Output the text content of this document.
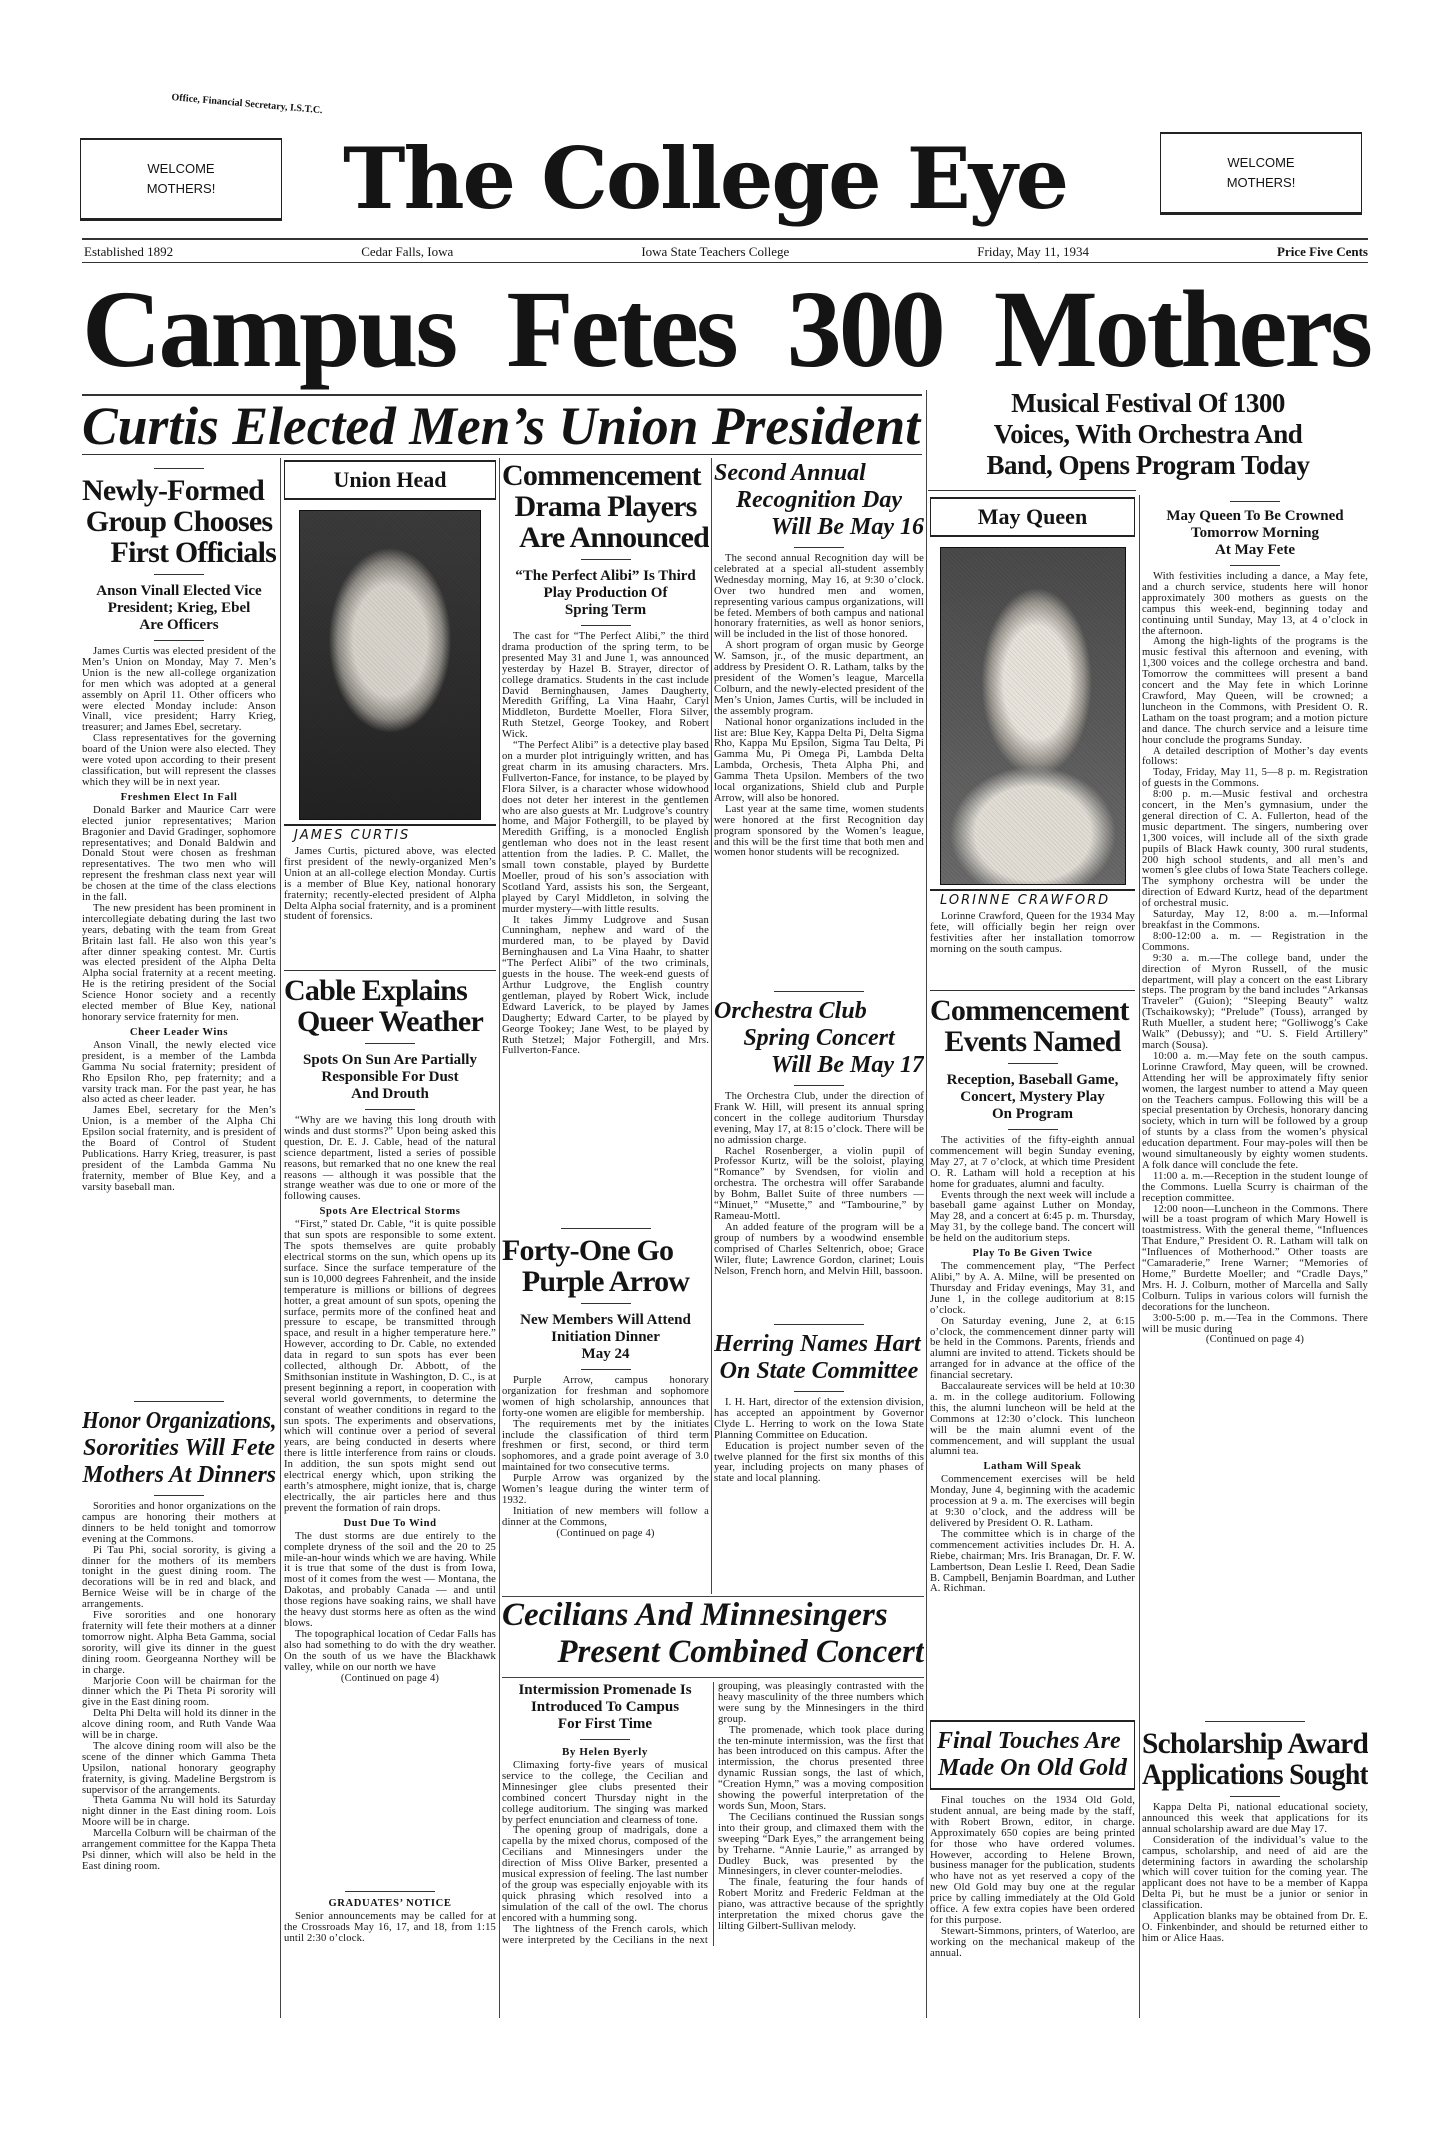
Office, Financial Secretary, I.S.T.C.
WELCOME
MOTHERS!
WELCOME
MOTHERS!
The College Eye
Established 1892	Cedar Falls, Iowa	Iowa State Teachers College	Friday, May 11, 1934	Price Five Cents
Campus Fetes 300 Mothers
Curtis Elected Men’s Union President
Newly-Formed
Group Chooses
First Officials
Anson Vinall Elected Vice
President; Krieg, Ebel
Are Officers

James Curtis was elected president of the Men’s Union on Monday, May 7. Men’s Union is the new all-college organization for men which was adopted at a general assembly on April 11. Other officers who were elected Monday include: Anson Vinall, vice president; Harry Krieg, treasurer; and James Ebel, secretary.

Class representatives for the governing board of the Union were also elected. They were voted upon according to their present classification, but will represent the classes which they will be in next year.

Freshmen Elect In Fall

Donald Barker and Maurice Carr were elected junior representatives; Marion Bragonier and David Gradinger, sophomore representatives; and Donald Baldwin and Donald Stout were chosen as freshman representatives. The two men who will represent the freshman class next year will be chosen at the time of the class elections in the fall.

The new president has been prominent in intercollegiate debating during the last two years, debating with the team from Great Britain last fall. He also won this year’s after dinner speaking contest. Mr. Curtis was elected president of the Alpha Delta Alpha social fraternity at a recent meeting. He is the retiring president of the Social Science Honor society and a recently elected member of Blue Key, national honorary service fraternity for men.

Cheer Leader Wins

Anson Vinall, the newly elected vice president, is a member of the Lambda Gamma Nu social fraternity; president of Rho Epsilon Rho, pep fraternity; and a varsity track man. For the past year, he has also acted as cheer leader.

James Ebel, secretary for the Men’s Union, is a member of the Alpha Chi Epsilon social fraternity, and is president of the Board of Control of Student Publications. Harry Krieg, treasurer, is past president of the Lambda Gamma Nu fraternity, member of Blue Key, and a varsity baseball man.

Honor Organizations,
Sororities Will Fete
Mothers At Dinners

Sororities and honor organizations on the campus are honoring their mothers at dinners to be held tonight and tomorrow evening at the Commons.

Pi Tau Phi, social sorority, is giving a dinner for the mothers of its members tonight in the guest dining room. The decorations will be in red and black, and Bernice Weise will be in charge of the arrangements.

Five sororities and one honorary fraternity will fete their mothers at a dinner tomorrow night. Alpha Beta Gamma, social sorority, will give its dinner in the guest dining room. Georgeanna Northey will be in charge.

Marjorie Coon will be chairman for the dinner which the Pi Theta Pi sorority will give in the East dining room.

Delta Phi Delta will hold its dinner in the alcove dining room, and Ruth Vande Waa will be in charge.

The alcove dining room will also be the scene of the dinner which Gamma Theta Upsilon, national honorary geography fraternity, is giving. Madeline Bergstrom is supervisor of the arrangements.

Theta Gamma Nu will hold its Saturday night dinner in the East dining room. Lois Moore will be in charge.

Marcella Colburn will be chairman of the arrangement committee for the Kappa Theta Psi dinner, which will also be held in the East dining room.

Union Head
JAMES CURTIS

James Curtis, pictured above, was elected first president of the newly-organized Men’s Union at an all-college election Monday. Curtis is a member of Blue Key, national honorary fraternity; recently-elected president of Alpha Delta Alpha social fraternity, and is a prominent student of forensics.

Cable Explains
Queer Weather
Spots On Sun Are Partially
Responsible For Dust
And Drouth

“Why are we having this long drouth with winds and dust storms?” Upon being asked this question, Dr. E. J. Cable, head of the natural science department, listed a series of possible reasons, but remarked that no one knew the real reasons — although it was possible that the strange weather was due to one or more of the following causes.

Spots Are Electrical Storms

“First,” stated Dr. Cable, “it is quite possible that sun spots are responsible to some extent. The spots themselves are quite probably electrical storms on the sun, which opens up its surface. Since the surface temperature of the sun is 10,000 degrees Fahrenheit, and the inside temperature is millions or billions of degrees hotter, a great amount of sun spots, opening the surface, permits more of the confined heat and pressure to escape, be transmitted through space, and result in a higher temperature here.” However, according to Dr. Cable, no extended data in regard to sun spots has ever been collected, although Dr. Abbott, of the Smithsonian institute in Washington, D. C., is at present beginning a report, in cooperation with several world governments, to determine the constant of weather conditions in regard to the sun spots. The experiments and observations, which will continue over a period of several years, are being conducted in deserts where there is little interference from rains or clouds. In addition, the sun spots might send out electrical energy which, upon striking the earth’s atmosphere, might ionize, that is, charge electrically, the air particles here and thus prevent the formation of rain drops.

Dust Due To Wind

The dust storms are due entirely to the complete dryness of the soil and the 20 to 25 mile-an-hour winds which we are having. While it is true that some of the dust is from Iowa, most of it comes from the west — Montana, the Dakotas, and probably Canada — and until those regions have soaking rains, we shall have the heavy dust storms here as often as the wind blows.

The topographical location of Cedar Falls has also had something to do with the dry weather. On the south of us we have the Blackhawk valley, while on our north we have

(Continued on page 4)

GRADUATES’ NOTICE

Senior announcements may be called for at the Crossroads May 16, 17, and 18, from 1:15 until 2:30 o’clock.

Commencement
Drama Players
Are Announced
“The Perfect Alibi” Is Third
Play Production Of
Spring Term

The cast for “The Perfect Alibi,” the third drama production of the spring term, to be presented May 31 and June 1, was announced yesterday by Hazel B. Strayer, director of college dramatics. Students in the cast include David Berninghausen, James Daugherty, Meredith Griffing, La Vina Haahr, Caryl Middleton, Burdette Moeller, Flora Silver, Ruth Stetzel, George Tookey, and Robert Wick.

“The Perfect Alibi” is a detective play based on a murder plot intriguingly written, and has great charm in its amusing characters. Mrs. Fullverton-Fance, for instance, to be played by Flora Silver, is a character whose widowhood does not deter her interest in the gentlemen who are also guests at Mr. Ludgrove’s country home, and Major Fothergill, to be played by Meredith Griffing, is a monocled English gentleman who does not in the least resent attention from the ladies. P. C. Mallet, the small town constable, played by Burdette Moeller, proud of his son’s association with Scotland Yard, assists his son, the Sergeant, played by Caryl Middleton, in solving the murder mystery—with little results.

It takes Jimmy Ludgrove and Susan Cunningham, nephew and ward of the murdered man, to be played by David Berninghausen and La Vina Haahr, to shatter “The Perfect Alibi” of the two criminals, guests in the house. The week-end guests of Arthur Ludgrove, the English country gentleman, played by Robert Wick, include Edward Laverick, to be played by James Daugherty; Edward Carter, to be played by George Tookey; Jane West, to be played by Ruth Stetzel; Major Fothergill, and Mrs. Fullverton-Fance.

Forty-One Go
Purple Arrow
New Members Will Attend
Initiation Dinner
May 24

Purple Arrow, campus honorary organization for freshman and sophomore women of high scholarship, announces that forty-one women are eligible for membership.

The requirements met by the initiates include the classification of third term freshmen or first, second, or third term sophomores, and a grade point average of 3.0 maintained for two consecutive terms.

Purple Arrow was organized by the Women’s league during the winter term of 1932.

Initiation of new members will follow a dinner at the Commons,

(Continued on page 4)

Second Annual
Recognition Day
Will Be May 16

The second annual Recognition day will be celebrated at a special all-student assembly Wednesday morning, May 16, at 9:30 o’clock. Over two hundred men and women, representing various campus organizations, will be feted. Members of both campus and national honorary fraternities, as well as honor seniors, will be included in the list of those honored.

A short program of organ music by George W. Samson, jr., of the music department, an address by President O. R. Latham, talks by the president of the Women’s league, Marcella Colburn, and the newly-elected president of the Men’s Union, James Curtis, will be included in the assembly program.

National honor organizations included in the list are: Blue Key, Kappa Delta Pi, Delta Sigma Rho, Kappa Mu Epsilon, Sigma Tau Delta, Pi Gamma Mu, Pi Omega Pi, Lambda Delta Lambda, Orchesis, Theta Alpha Phi, and Gamma Theta Upsilon. Members of the two local organizations, Shield club and Purple Arrow, will also be honored.

Last year at the same time, women students were honored at the first Recognition day program sponsored by the Women’s league, and this will be the first time that both men and women honor students will be recognized.

Orchestra Club
Spring Concert
Will Be May 17

The Orchestra Club, under the direction of Frank W. Hill, will present its annual spring concert in the college auditorium Thursday evening, May 17, at 8:15 o’clock. There will be no admission charge.

Rachel Rosenberger, a violin pupil of Professor Kurtz, will be the soloist, playing “Romance” by Svendsen, for violin and orchestra. The orchestra will offer Sarabande by Bohm, Ballet Suite of three numbers — “Minuet,” “Musette,” and “Tambourine,” by Rameau-Mottl.

An added feature of the program will be a group of numbers by a woodwind ensemble comprised of Charles Seltenrich, oboe; Grace Wiler, flute; Lawrence Gordon, clarinet; Louis Nelson, French horn, and Melvin Hill, bassoon.

Herring Names Hart
On State Committee

I. H. Hart, director of the extension division, has accepted an appointment by Governor Clyde L. Herring to work on the Iowa State Planning Committee on Education.

Education is project number seven of the twelve planned for the first six months of this year, including projects on many phases of state and local planning.

Cecilians And Minnesingers
Present Combined Concert
Intermission Promenade Is
Introduced To Campus
For First Time
By Helen Byerly

Climaxing forty-five years of musical service to the college, the Cecilian and Minnesinger glee clubs presented their combined concert Thursday night in the college auditorium. The singing was marked by perfect enunciation and clearness of tone.

The opening group of madrigals, done a capella by the mixed chorus, composed of the Cecilians and Minnesingers under the direction of Miss Olive Barker, presented a musical expression of feeling. The last number of the group was especially enjoyable with its quick phrasing which resolved into a simulation of the call of the owl. The chorus encored with a humming song.

The lightness of the French carols, which were interpreted by the Cecilians in the next grouping, was pleasingly contrasted with the heavy masculinity of the three numbers which were sung by the Minnesingers in the third group.

The promenade, which took place during the ten-minute intermission, was the first that has been introduced on this campus. After the intermission, the chorus presented three dynamic Russian songs, the last of which, “Creation Hymn,” was a moving composition showing the powerful interpretation of the words Sun, Moon, Stars.

The Cecilians continued the Russian songs into their group, and climaxed them with the sweeping “Dark Eyes,” the arrangement being by Treharne. “Annie Laurie,” as arranged by Dudley Buck, was presented by the Minnesingers, in clever counter-melodies.

The finale, featuring the four hands of Robert Moritz and Frederic Feldman at the piano, was attractive because of the sprightly interpretation the mixed chorus gave the lilting Gilbert-Sullivan melody.

Musical Festival Of 1300
Voices, With Orchestra And
Band, Opens Program Today
May Queen
LORINNE CRAWFORD

Lorinne Crawford, Queen for the 1934 May fete, will officially begin her reign over festivities after her installation tomorrow morning on the south campus.

Commencement
Events Named
Reception, Baseball Game,
Concert, Mystery Play
On Program

The activities of the fifty-eighth annual commencement will begin Sunday evening, May 27, at 7 o’clock, at which time President O. R. Latham will hold a reception at his home for graduates, alumni and faculty.

Events through the next week will include a baseball game against Luther on Monday, May 28, and a concert at 6:45 p. m. Thursday, May 31, by the college band. The concert will be held on the auditorium steps.

Play To Be Given Twice

The commencement play, “The Perfect Alibi,” by A. A. Milne, will be presented on Thursday and Friday evenings, May 31, and June 1, in the college auditorium at 8:15 o’clock.

On Saturday evening, June 2, at 6:15 o’clock, the commencement dinner party will be held in the Commons. Parents, friends and alumni are invited to attend. Tickets should be arranged for in advance at the office of the financial secretary.

Baccalaureate services will be held at 10:30 a. m. in the college auditorium. Following this, the alumni luncheon will be held at the Commons at 12:30 o’clock. This luncheon will be the main alumni event of the commencement, and will supplant the usual alumni tea.

Latham Will Speak

Commencement exercises will be held Monday, June 4, beginning with the academic procession at 9 a. m. The exercises will begin at 9:30 o’clock, and the address will be delivered by President O. R. Latham.

The committee which is in charge of the commencement activities includes Dr. H. A. Riebe, chairman; Mrs. Iris Branagan, Dr. F. W. Lambertson, Dean Leslie I. Reed, Dean Sadie B. Campbell, Benjamin Boardman, and Luther A. Richman.

Final Touches Are
Made On Old Gold

Final touches on the 1934 Old Gold, student annual, are being made by the staff, with Robert Brown, editor, in charge. Approximately 650 copies are being printed for those who have ordered volumes. However, according to Helene Brown, business manager for the publication, students who have not as yet reserved a copy of the new Old Gold may buy one at the regular price by calling immediately at the Old Gold office. A few extra copies have been ordered for this purpose.

Stewart-Simmons, printers, of Waterloo, are working on the mechanical makeup of the annual.

May Queen To Be Crowned
Tomorrow Morning
At May Fete

With festivities including a dance, a May fete, and a church service, students here will honor approximately 300 mothers as guests on the campus this week-end, beginning today and continuing until Sunday, May 13, at 4 o’clock in the afternoon.

Among the high-lights of the programs is the music festival this afternoon and evening, with 1,300 voices and the college orchestra and band. Tomorrow the committees will present a band concert and the May fete in which Lorinne Crawford, May Queen, will be crowned; a luncheon in the Commons, with President O. R. Latham on the toast program; and a motion picture and dance. The church service and a leisure time hour conclude the programs Sunday.

A detailed description of Mother’s day events follows:

Today, Friday, May 11, 5—8 p. m. Registration of guests in the Commons.

8:00 p. m.—Music festival and orchestra concert, in the Men’s gymnasium, under the general direction of C. A. Fullerton, head of the music department. The singers, numbering over 1,300 voices, will include all of the sixth grade pupils of Black Hawk county, 300 rural students, 200 high school students, and all men’s and women’s glee clubs of Iowa State Teachers college. The symphony orchestra will be under the direction of Edward Kurtz, head of the department of orchestral music.

Saturday, May 12, 8:00 a. m.—Informal breakfast in the Commons.

8:00-12:00 a. m. — Registration in the Commons.

9:30 a. m.—The college band, under the direction of Myron Russell, of the music department, will play a concert on the east Library steps. The program by the band includes “Arkansas Traveler” (Guion); “Sleeping Beauty” waltz (Tschaikowsky); “Prelude” (Touss), arranged by Ruth Mueller, a student here; “Golliwogg’s Cake Walk” (Debussy); and “U. S. Field Artillery” march (Sousa).

10:00 a. m.—May fete on the south campus. Lorinne Crawford, May queen, will be crowned. Attending her will be approximately fifty senior women, the largest number to attend a May queen on the Teachers campus. Following this will be a special presentation by Orchesis, honorary dancing society, which in turn will be followed by a group of stunts by a class from the women’s physical education department. Four may-poles will then be wound simultaneously by eighty women students. A folk dance will conclude the fete.

11:00 a. m.—Reception in the student lounge of the Commons. Luella Scurry is chairman of the reception committee.

12:00 noon—Luncheon in the Commons. There will be a toast program of which Mary Howell is toastmistress. With the general theme, “Influences That Endure,” President O. R. Latham will talk on “Influences of Motherhood.” Other toasts are “Camaraderie,” Irene Warner; “Memories of Home,” Burdette Moeller; and “Cradle Days,” Mrs. H. J. Colburn, mother of Marcella and Sally Colburn. Tulips in various colors will furnish the decorations for the luncheon.

3:00-5:00 p. m.—Tea in the Commons. There will be music during

(Continued on page 4)

Scholarship Award
Applications Sought

Kappa Delta Pi, national educational society, announced this week that applications for its annual scholarship award are due May 17.

Consideration of the individual’s value to the campus, scholarship, and need of aid are the determining factors in awarding the scholarship which will cover tuition for the coming year. The applicant does not have to be a member of Kappa Delta Pi, but he must be a junior or senior in classification.

Application blanks may be obtained from Dr. E. O. Finkenbinder, and should be returned either to him or Alice Haas.
